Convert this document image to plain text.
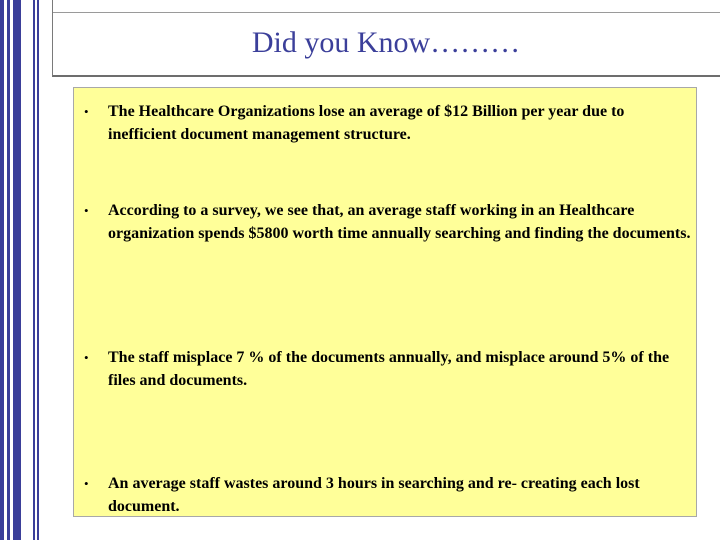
Did you Know………
• The Healthcare Organizations lose an average of $12 Billion per year due to inefficient document management structure.
• According to a survey, we see that, an average staff working in an Healthcare organization spends $5800 worth time annually searching and finding the documents.
• The staff misplace 7 % of the documents annually, and misplace around 5% of the files and documents.
• An average staff wastes around 3 hours in searching and re- creating each lost document.
